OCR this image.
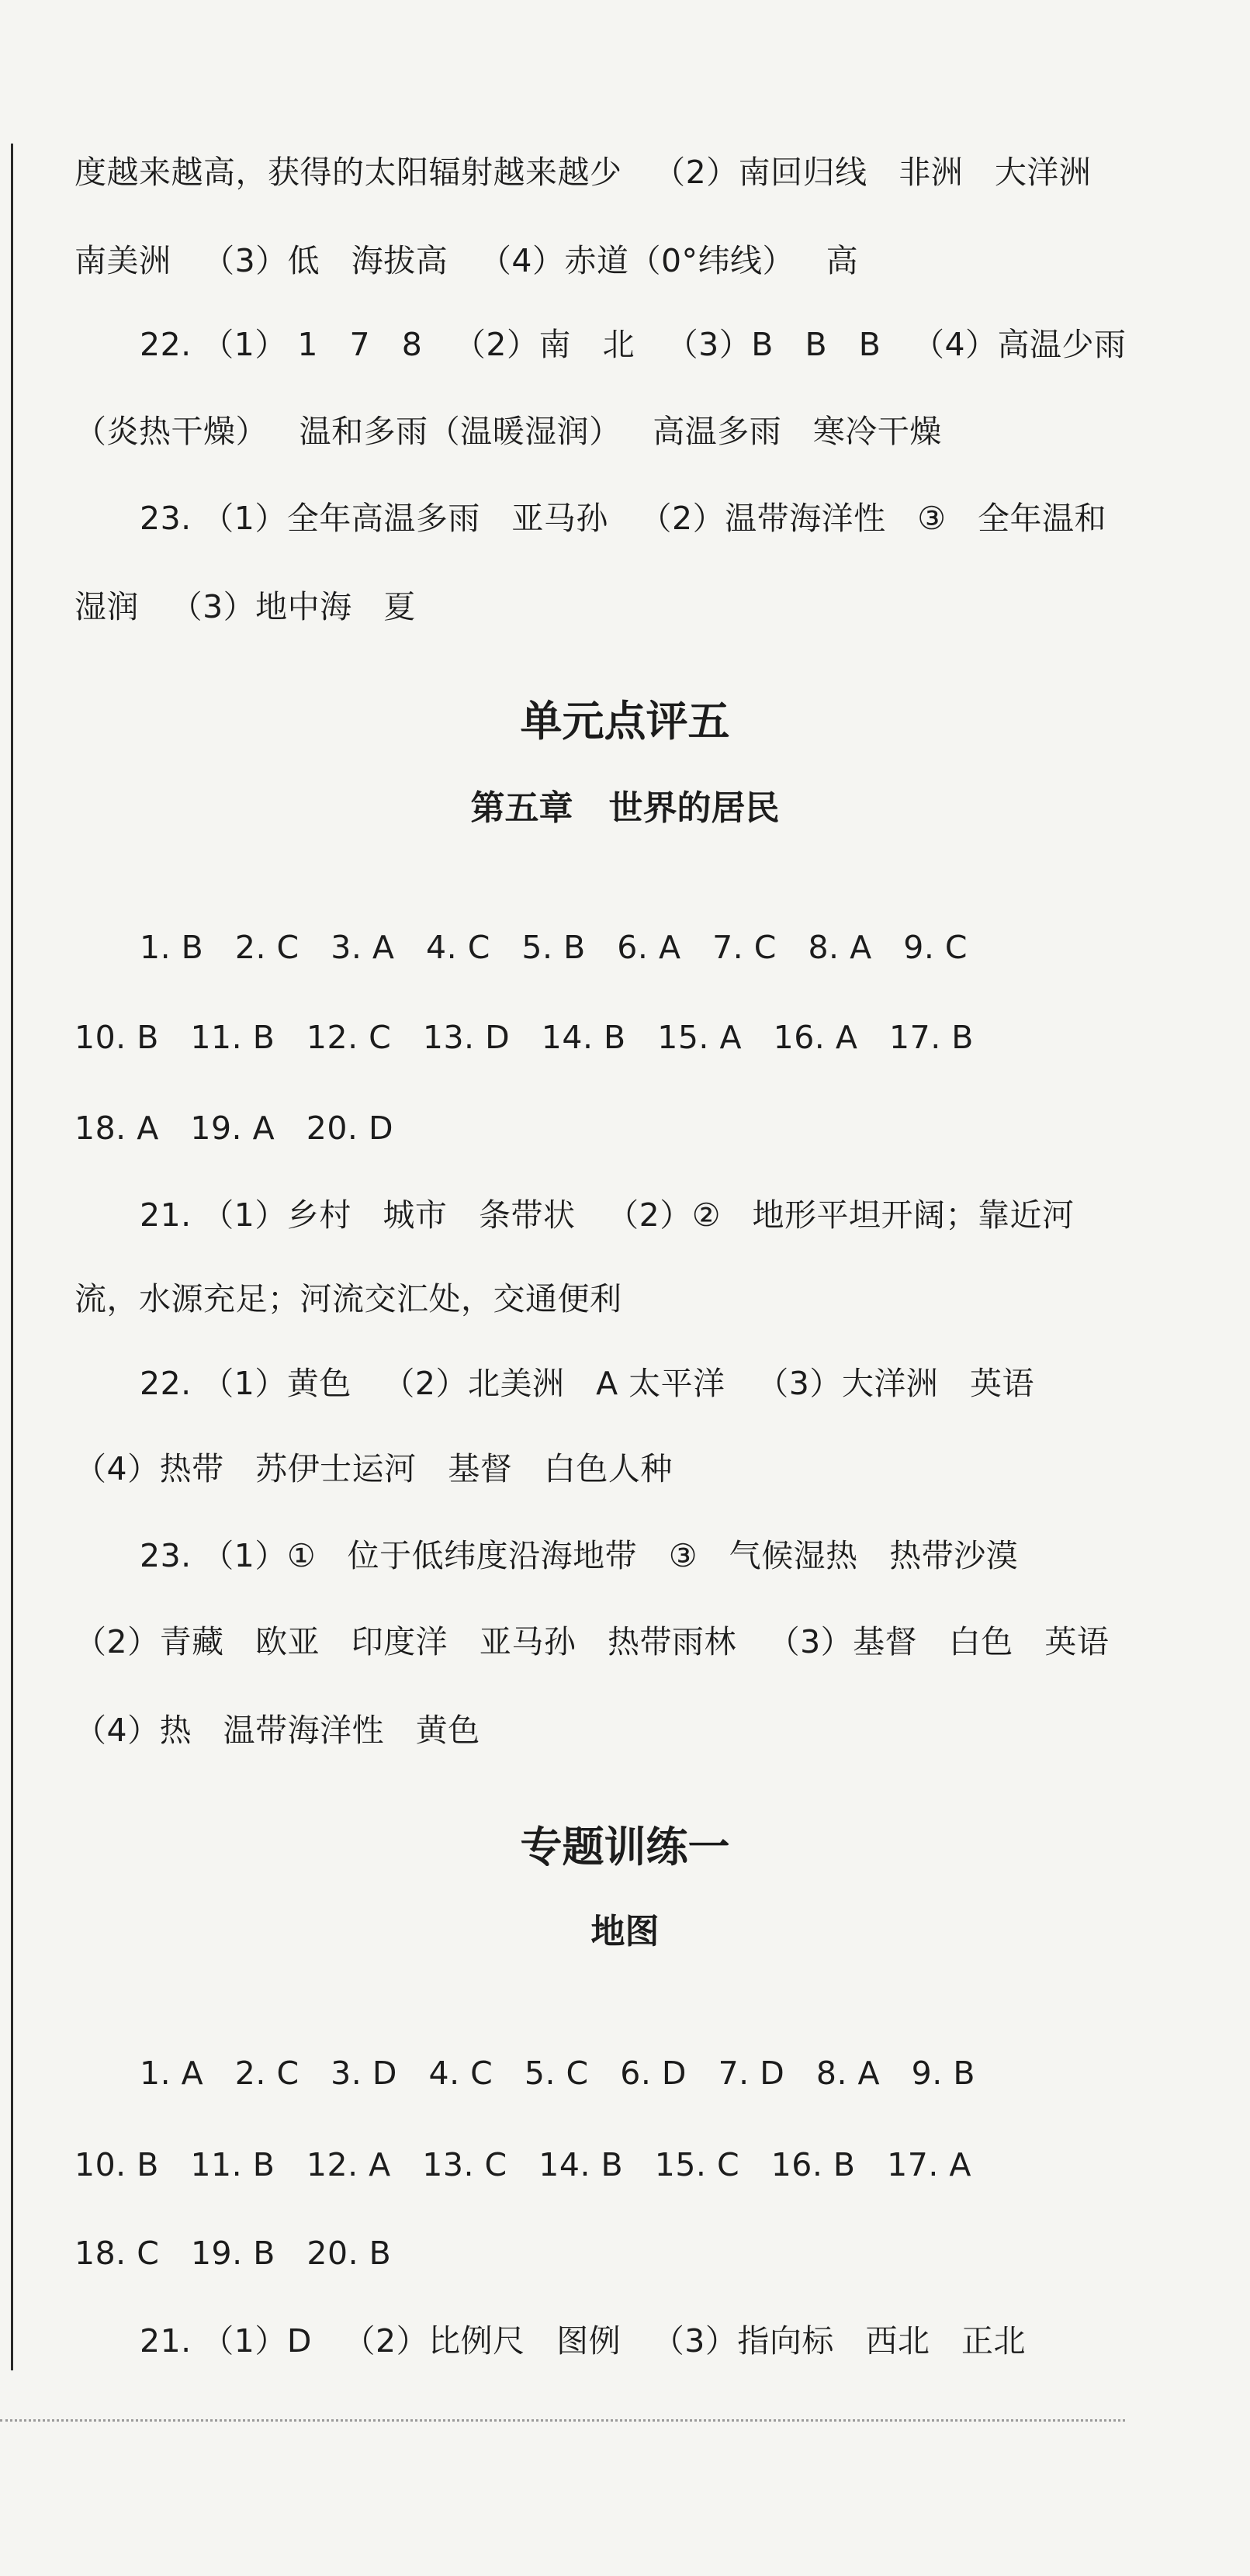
度越来越高，获得的太阳辐射越来越少   （2）南回归线   非洲   大洋洲
南美洲   （3）低   海拔高   （4）赤道（0°纬线）   高
22. （1） 1   7   8   （2）南   北   （3）B   B   B   （4）高温少雨
（炎热干燥）   温和多雨（温暖湿润）   高温多雨   寒冷干燥
23. （1）全年高温多雨   亚马孙   （2）温带海洋性   ③   全年温和
湿润   （3）地中海   夏
单元点评五
第五章   世界的居民
1. B   2. C   3. A   4. C   5. B   6. A   7. C   8. A   9. C
10. B   11. B   12. C   13. D   14. B   15. A   16. A   17. B
18. A   19. A   20. D
21. （1）乡村   城市   条带状   （2）②   地形平坦开阔；靠近河
流，水源充足；河流交汇处，交通便利
22. （1）黄色   （2）北美洲   A 太平洋   （3）大洋洲   英语
（4）热带   苏伊士运河   基督   白色人种
23. （1）①   位于低纬度沿海地带   ③   气候湿热   热带沙漠
（2）青藏   欧亚   印度洋   亚马孙   热带雨林   （3）基督   白色   英语
（4）热   温带海洋性   黄色
专题训练一
地图
1. A   2. C   3. D   4. C   5. C   6. D   7. D   8. A   9. B
10. B   11. B   12. A   13. C   14. B   15. C   16. B   17. A
18. C   19. B   20. B
21. （1）D   （2）比例尺   图例   （3）指向标   西北   正北
